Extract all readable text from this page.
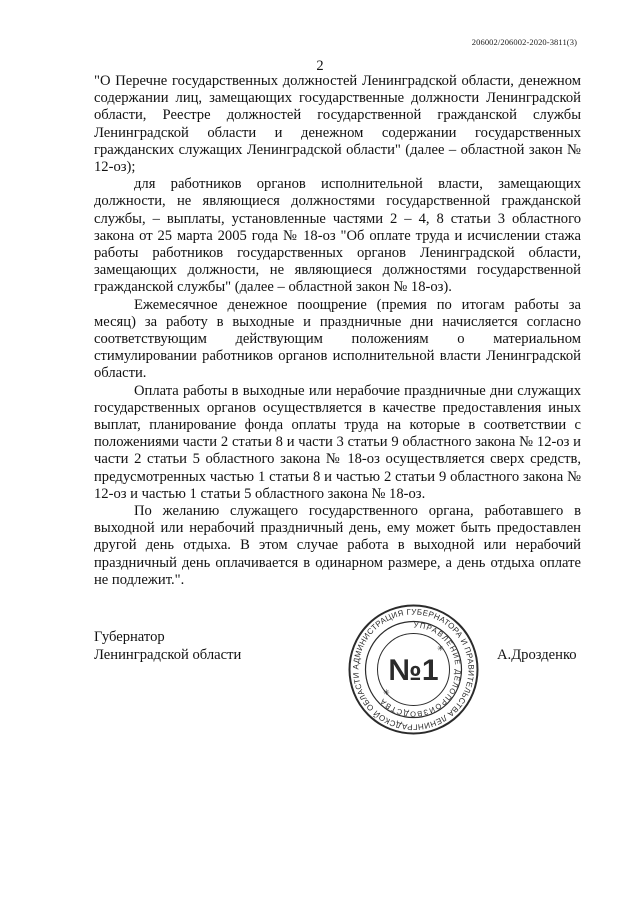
206002/206002-2020-3811(3)
2

"О Перечне государственных должностей Ленинградской области, денежном содержании лиц, замещающих государственные должности Ленинградской области, Реестре должностей государственной гражданской службы Ленинградской области и денежном содержании государственных гражданских служащих Ленинградской области" (далее – областной закон № 12-оз);

для работников органов исполнительной власти, замещающих должности, не являющиеся должностями государственной гражданской службы, – выплаты, установленные частями 2 – 4, 8 статьи 3 областного закона от 25 марта 2005 года № 18-оз "Об оплате труда и исчислении стажа работы работников государственных органов Ленинградской области, замещающих должности, не являющиеся должностями государственной гражданской службы" (далее – областной закон № 18-оз).

Ежемесячное денежное поощрение (премия по итогам работы за месяц) за работу в выходные и праздничные дни начисляется согласно соответствующим действующим положениям о материальном стимулировании работников органов исполнительной власти Ленинградской области.

Оплата работы в выходные или нерабочие праздничные дни служащих государственных органов осуществляется в качестве предоставления иных выплат, планирование фонда оплаты труда на которые в соответствии с положениями части 2 статьи 8 и части 3 статьи 9 областного закона № 12-оз и части 2 статьи 5 областного закона № 18-оз осуществляется сверх средств, предусмотренных частью 1 статьи 8 и частью 2 статьи 9 областного закона № 12-оз и частью 1 статьи 5 областного закона № 18-оз.

По желанию служащего государственного органа, работавшего в выходной или нерабочий праздничный день, ему может быть предоставлен другой день отдыха. В этом случае работа в выходной или нерабочий праздничный день оплачивается в одинарном размере, а день отдыха оплате не подлежит.".

Губернатор
Ленинградской области	А.Дрозденко
АДМИНИСТРАЦИЯ ГУБЕРНАТОРА И ПРАВИТЕЛЬСТВА ЛЕНИНГРАДСКОЙ ОБЛАСТИ
УПРАВЛЕНИЕ ДЕЛОПРОИЗВОДСТВА
№1
✳
✳
